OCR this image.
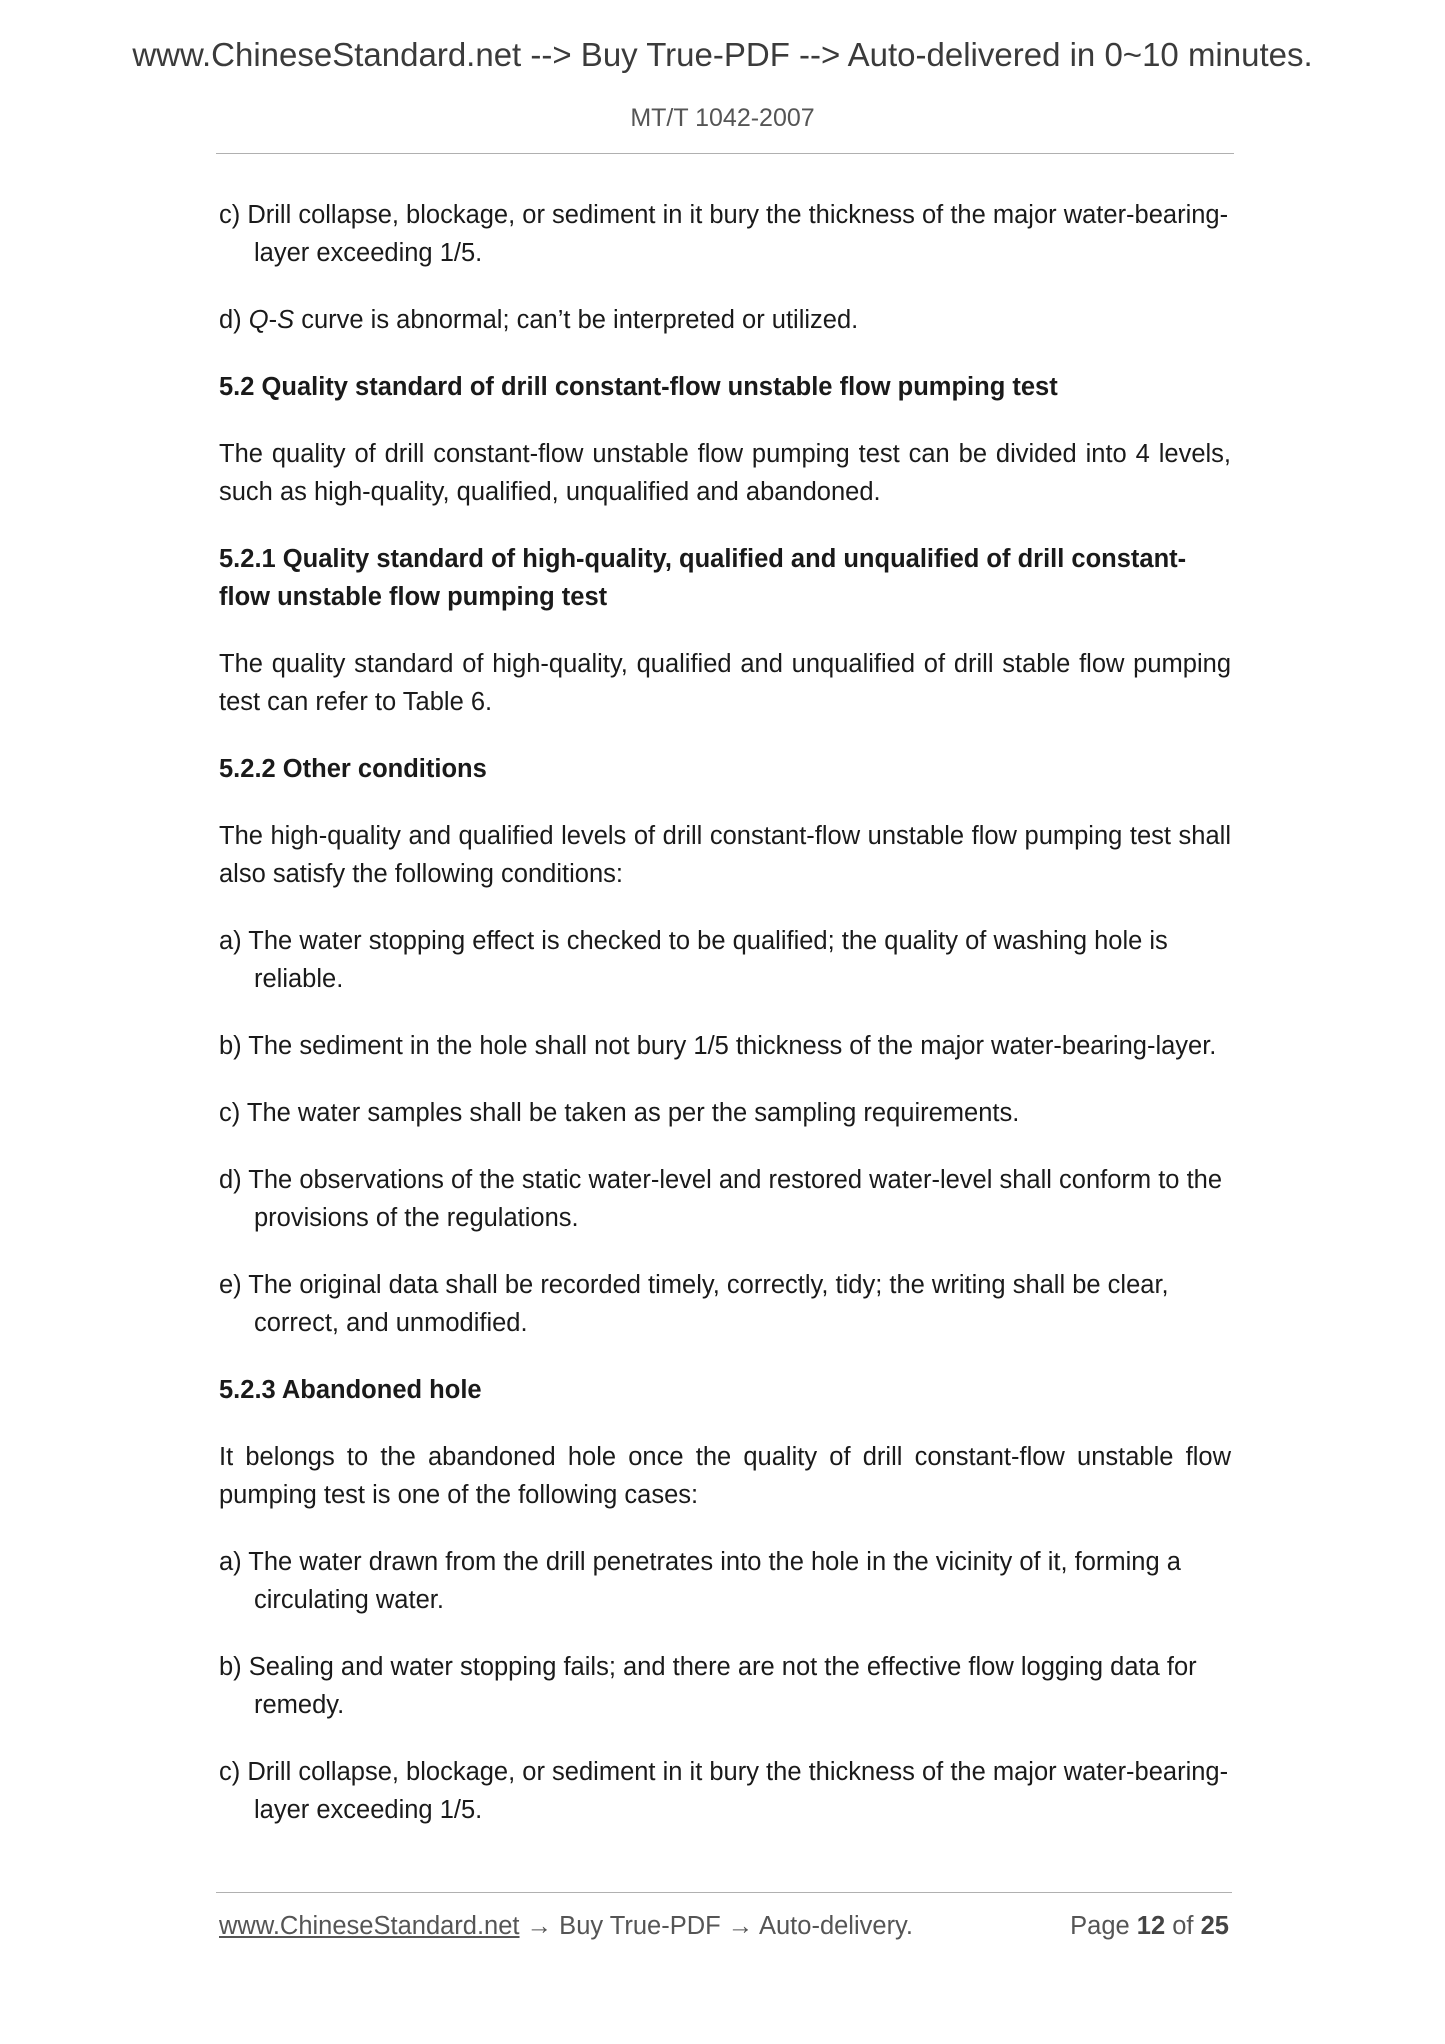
www.ChineseStandard.net --> Buy True-PDF --> Auto-delivered in 0~10 minutes.

MT/T 1042-2007

c) Drill collapse, blockage, or sediment in it bury the thickness of the major water-bearing-layer exceeding 1/5.

d) Q-S curve is abnormal; can’t be interpreted or utilized.

5.2 Quality standard of drill constant-flow unstable flow pumping test

The quality of drill constant-flow unstable flow pumping test can be divided into 4 levels, such as high-quality, qualified, unqualified and abandoned.

5.2.1 Quality standard of high-quality, qualified and unqualified of drill constant-flow unstable flow pumping test

The quality standard of high-quality, qualified and unqualified of drill stable flow pumping test can refer to Table 6.

5.2.2 Other conditions

The high-quality and qualified levels of drill constant-flow unstable flow pumping test shall also satisfy the following conditions:

a) The water stopping effect is checked to be qualified; the quality of washing hole is reliable.

b) The sediment in the hole shall not bury 1/5 thickness of the major water-bearing-layer.

c) The water samples shall be taken as per the sampling requirements.

d) The observations of the static water-level and restored water-level shall conform to the provisions of the regulations.

e) The original data shall be recorded timely, correctly, tidy; the writing shall be clear, correct, and unmodified.

5.2.3 Abandoned hole

It belongs to the abandoned hole once the quality of drill constant-flow unstable flow pumping test is one of the following cases:

a) The water drawn from the drill penetrates into the hole in the vicinity of it, forming a circulating water.

b) Sealing and water stopping fails; and there are not the effective flow logging data for remedy.

c) Drill collapse, blockage, or sediment in it bury the thickness of the major water-bearing-layer exceeding 1/5.

www.ChineseStandard.net → Buy True-PDF → Auto-delivery.	Page 12 of 25
